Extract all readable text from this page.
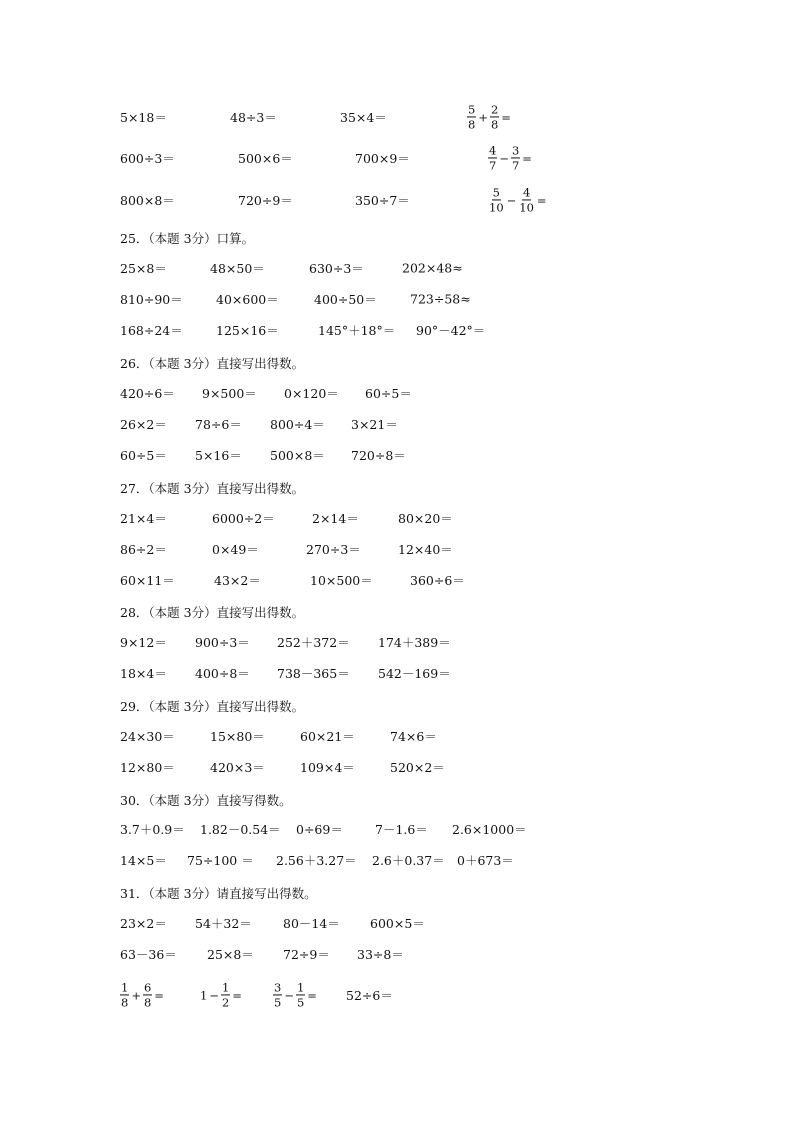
5×18＝	48÷3＝	35×4＝	$\frac{5}{8} + \frac{2}{8}$ =
600÷3＝	500×6＝	700×9＝	$\frac{4}{7} - \frac{3}{7}$ =
800×8＝	720÷9＝	350÷7＝	$\frac{5}{10} - \frac{4}{10}$ =
25．（本题 3分）口算。
25×8＝	48×50＝	630÷3＝	202×48≈
810÷90＝	40×600＝	400÷50＝	723÷58≈
168÷24＝	125×16＝	145°＋18°＝ 90°－42°＝
26．（本题 3分）直接写出得数。
420÷6＝ 9×500＝ 0×120＝ 60÷5＝
26×2＝ 78÷6＝ 800÷4＝ 3×21＝
60÷5＝ 5×16＝ 500×8＝ 720÷8＝
27．（本题 3分）直接写出得数。
21×4＝	6000÷2＝	2×14＝	80×20＝
86÷2＝	0×49＝	270÷3＝	12×40＝
60×11＝	43×2＝	10×500＝	360÷6＝
28．（本题 3分）直接写出得数。
9×12＝ 900÷3＝ 252＋372＝ 174＋389＝
18×4＝ 400÷8＝ 738－365＝ 542－169＝
29．（本题 3分）直接写出得数。
24×30＝	15×80＝	60×21＝	74×6＝
12×80＝	420×3＝	109×4＝	520×2＝
30．（本题 3分）直接写得数。
3.7＋0.9＝ 1.82－0.54＝ 0÷69＝	7－1.6＝ 2.6×1000＝
14×5＝ 75÷100 ＝ 2.56＋3.27＝ 2.6＋0.37＝ 0＋673＝
31．（本题 3分）请直接写出得数。
23×2＝ 54＋32＝ 80－14＝ 600×5＝
63－36＝ 25×8＝ 72÷9＝ 33÷8＝
$\frac{1}{8} + \frac{6}{8}$ =	$1 - \frac{1}{2}$ =	$\frac{3}{5} - \frac{1}{5} = 52\div 6=$
